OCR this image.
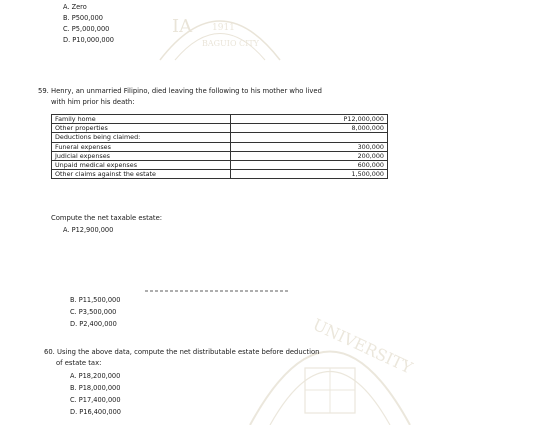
IA 1911
BAGUIO CITY
UNIVERSITY
A. Zero
B. P500,000
C. P5,000,000
D. P10,000,000
59. Henry, an unmarried Filipino, died leaving the following to his mother who lived
with him prior his death:
Family home	P12,000,000
Other properties	8,000,000
Deductions being claimed:	
Funeral expenses	300,000
Judicial expenses	200,000
Unpaid medical expenses	600,000
Other claims against the estate	1,500,000
Compute the net taxable estate:
A. P12,900,000
B. P11,500,000
C. P3,500,000
D. P2,400,000
60. Using the above data, compute the net distributable estate before deduction
of estate tax:
A. P18,200,000
B. P18,000,000
C. P17,400,000
D. P16,400,000
